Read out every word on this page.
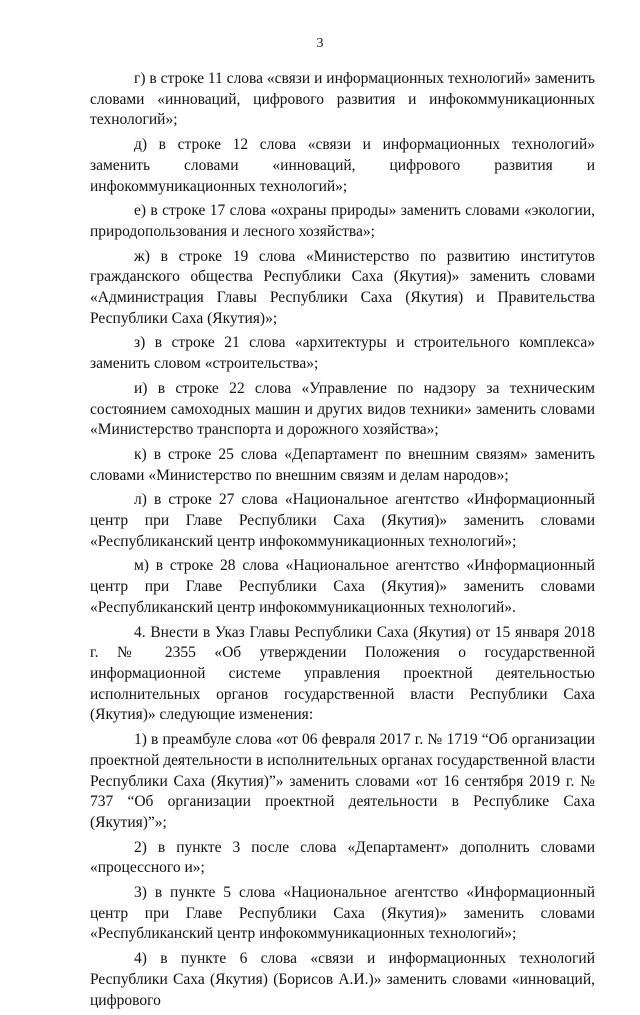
3

г) в строке 11 слова «связи и информационных технологий» заменить словами «инноваций, цифрового развития и инфокоммуникационных технологий»;

д) в строке 12 слова «связи и информационных технологий» заменить словами «инноваций, цифрового развития и инфокоммуникационных технологий»;

е) в строке 17 слова «охраны природы» заменить словами «экологии, природопользования и лесного хозяйства»;

ж) в строке 19 слова «Министерство по развитию институтов гражданского общества Республики Саха (Якутия)» заменить словами «Администрация Главы Республики Саха (Якутия) и Правительства Республики Саха (Якутия)»;

з) в строке 21 слова «архитектуры и строительного комплекса» заменить словом «строительства»;

и) в строке 22 слова «Управление по надзору за техническим состоянием самоходных машин и других видов техники» заменить словами «Министерство транспорта и дорожного хозяйства»;

к) в строке 25 слова «Департамент по внешним связям» заменить словами «Министерство по внешним связям и делам народов»;

л) в строке 27 слова «Национальное агентство «Информационный центр при Главе Республики Саха (Якутия)» заменить словами «Республиканский центр инфокоммуникационных технологий»;

м) в строке 28 слова «Национальное агентство «Информационный центр при Главе Республики Саха (Якутия)» заменить словами «Республиканский центр инфокоммуникационных технологий».

4. Внести в Указ Главы Республики Саха (Якутия) от 15 января 2018 г. № 2355 «Об утверждении Положения о государственной информационной системе управления проектной деятельностью исполнительных органов государственной власти Республики Саха (Якутия)» следующие изменения:

1) в преамбуле слова «от 06 февраля 2017 г. № 1719 “Об организации проектной деятельности в исполнительных органах государственной власти Республики Саха (Якутия)”» заменить словами «от 16 сентября 2019 г. № 737 “Об организации проектной деятельности в Республике Саха (Якутия)”»;

2) в пункте 3 после слова «Департамент» дополнить словами «процессного и»;

3) в пункте 5 слова «Национальное агентство «Информационный центр при Главе Республики Саха (Якутия)» заменить словами «Республиканский центр инфокоммуникационных технологий»;

4) в пункте 6 слова «связи и информационных технологий Республики Саха (Якутия) (Борисов А.И.)» заменить словами «инноваций, цифрового
